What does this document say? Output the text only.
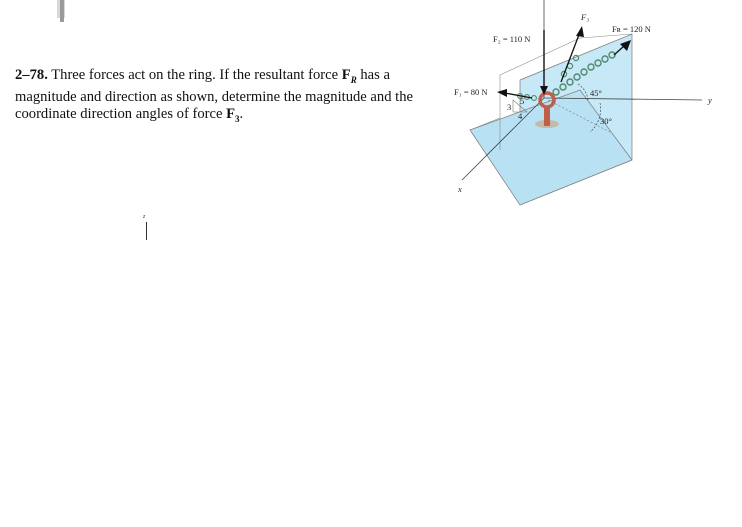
F₂ = 110 N
F₃
Fʀ = 120 N
F₁ = 80 N
3
4
5
45°
30°
y
x
2–78. Three forces act on the ring. If the resultant force $F_R$ has a magnitude and direction as shown, determine the magnitude and the coordinate direction angles of force $F_3$.
z
